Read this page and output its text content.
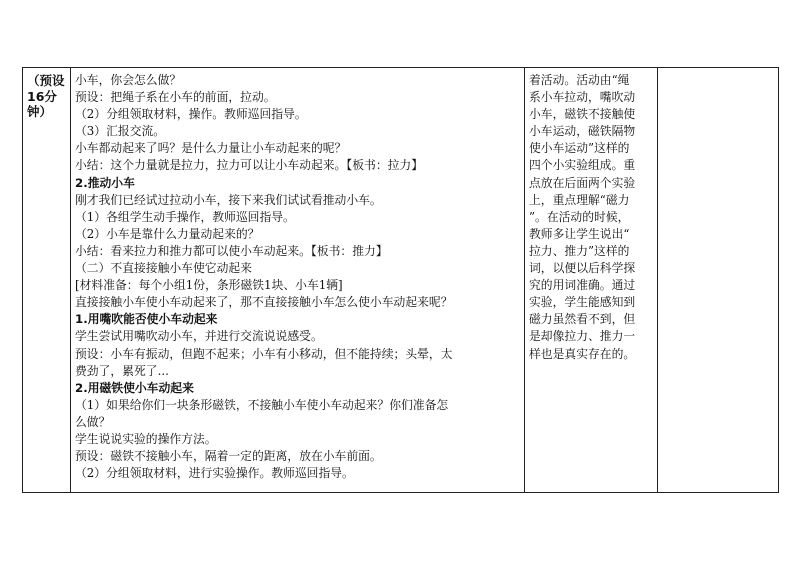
（预设
16分
钟）
小车，你会怎么做？
预设：把绳子系在小车的前面，拉动。
（2）分组领取材料，操作。教师巡回指导。
（3）汇报交流。
小车都动起来了吗？是什么力量让小车动起来的呢？
小结：这个力量就是拉力，拉力可以让小车动起来。【板书：拉力】
2.推动小车
刚才我们已经试过拉动小车，接下来我们试试看推动小车。
（1）各组学生动手操作，教师巡回指导。
（2）小车是靠什么力量动起来的？
小结：看来拉力和推力都可以使小车动起来。【板书：推力】
（二）不直接接触小车使它动起来
[材料准备：每个小组1份，条形磁铁1块、小车1辆]
直接接触小车使小车动起来了，那不直接接触小车怎么使小车动起来呢？
1.用嘴吹能否使小车动起来
学生尝试用嘴吹动小车，并进行交流说说感受。
预设：小车有振动，但跑不起来；小车有小移动，但不能持续；头晕，太
费劲了，累死了...
2.用磁铁使小车动起来
（1）如果给你们一块条形磁铁，不接触小车使小车动起来？你们准备怎
么做？
学生说说实验的操作方法。
预设：磁铁不接触小车，隔着一定的距离，放在小车前面。
（2）分组领取材料，进行实验操作。教师巡回指导。
着活动。活动由“绳
系小车拉动，嘴吹动
小车，磁铁不接触使
小车运动，磁铁隔物
使小车运动”这样的
四个小实验组成。重
点放在后面两个实验
上，重点理解“磁力
”。在活动的时候，
教师多让学生说出“
拉力、推力”这样的
词，以便以后科学探
究的用词准确。通过
实验，学生能感知到
磁力虽然看不到，但
是却像拉力、推力一
样也是真实存在的。
